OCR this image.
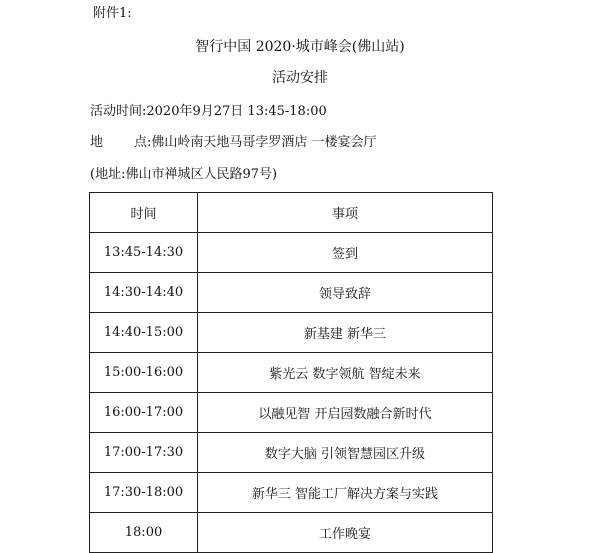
附件1:
智行中国 2020·城市峰会(佛山站)
活动安排
活动时间:2020年9月27日 13:45-18:00
地 点:佛山岭南天地马哥孛罗酒店 一楼宴会厅
(地址:佛山市禅城区人民路97号)
时间	事项
13:45-14:30	签到
14:30-14:40	领导致辞
14:40-15:00	新基建 新华三
15:00-16:00	紫光云 数字领航 智绽未来
16:00-17:00	以融见智 开启园数融合新时代
17:00-17:30	数字大脑 引领智慧园区升级
17:30-18:00	新华三 智能工厂解决方案与实践
18:00	工作晚宴
